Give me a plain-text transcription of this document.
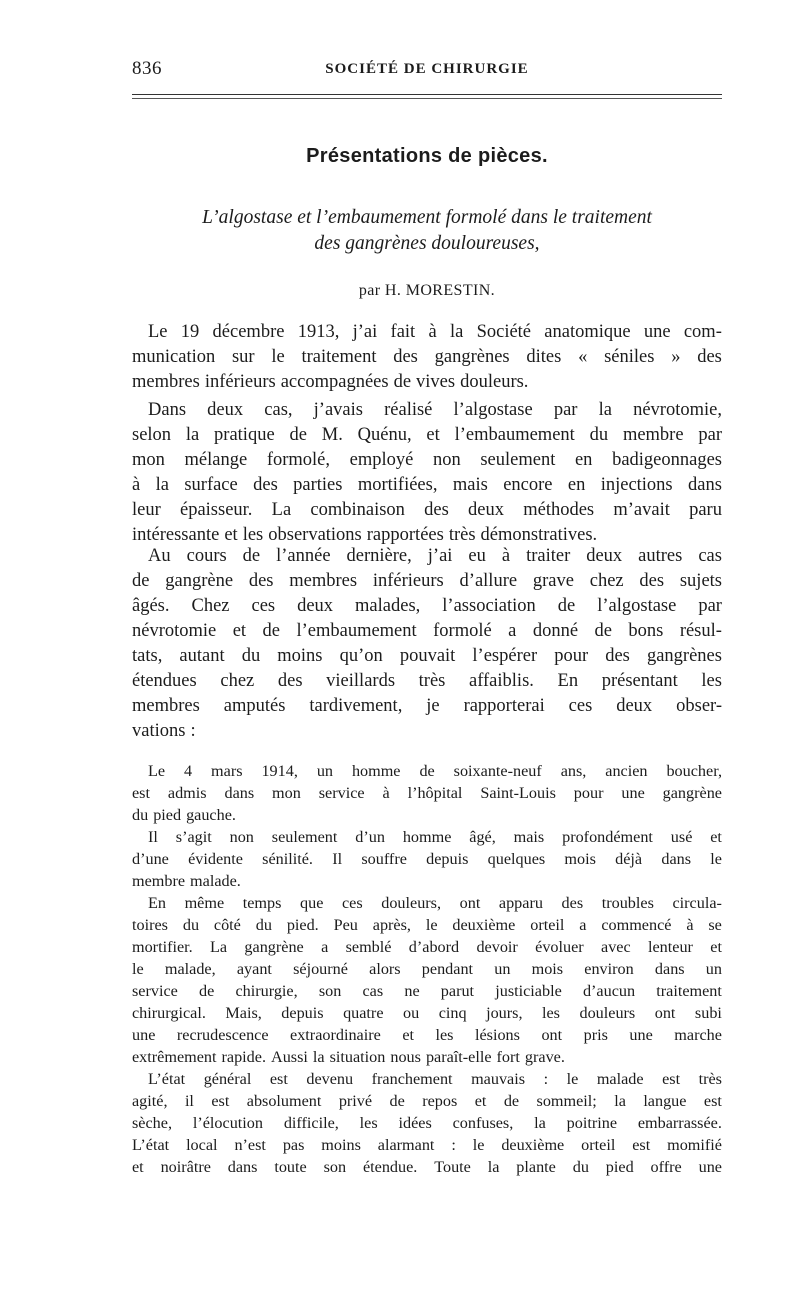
836	SOCIÉTÉ DE CHIRURGIE
Présentations de pièces.
L’algostase et l’embaumement formolé dans le traitement
des gangrènes douloureuses,
par H. MORESTIN.
Le 19 décembre 1913, j’ai fait à la Société anatomique une com-
munication sur le traitement des gangrènes dites « séniles » des
membres inférieurs accompagnées de vives douleurs.
Dans deux cas, j’avais réalisé l’algostase par la névrotomie,
selon la pratique de M. Quénu, et l’embaumement du membre par
mon mélange formolé, employé non seulement en badigeonnages
à la surface des parties mortifiées, mais encore en injections dans
leur épaisseur. La combinaison des deux méthodes m’avait paru
intéressante et les observations rapportées très démonstratives.
Au cours de l’année dernière, j’ai eu à traiter deux autres cas
de gangrène des membres inférieurs d’allure grave chez des sujets
âgés. Chez ces deux malades, l’association de l’algostase par
névrotomie et de l’embaumement formolé a donné de bons résul-
tats, autant du moins qu’on pouvait l’espérer pour des gangrènes
étendues chez des vieillards très affaiblis. En présentant les
membres amputés tardivement, je rapporterai ces deux obser-
vations :
Le 4 mars 1914, un homme de soixante-neuf ans, ancien boucher,
est admis dans mon service à l’hôpital Saint-Louis pour une gangrène
du pied gauche.
Il s’agit non seulement d’un homme âgé, mais profondément usé et
d’une évidente sénilité. Il souffre depuis quelques mois déjà dans le
membre malade.
En même temps que ces douleurs, ont apparu des troubles circula-
toires du côté du pied. Peu après, le deuxième orteil a commencé à se
mortifier. La gangrène a semblé d’abord devoir évoluer avec lenteur et
le malade, ayant séjourné alors pendant un mois environ dans un
service de chirurgie, son cas ne parut justiciable d’aucun traitement
chirurgical. Mais, depuis quatre ou cinq jours, les douleurs ont subi
une recrudescence extraordinaire et les lésions ont pris une marche
extrêmement rapide. Aussi la situation nous paraît-elle fort grave.
L’état général est devenu franchement mauvais : le malade est très
agité, il est absolument privé de repos et de sommeil; la langue est
sèche, l’élocution difficile, les idées confuses, la poitrine embarrassée.
L’état local n’est pas moins alarmant : le deuxième orteil est momifié
et noirâtre dans toute son étendue. Toute la plante du pied offre une
